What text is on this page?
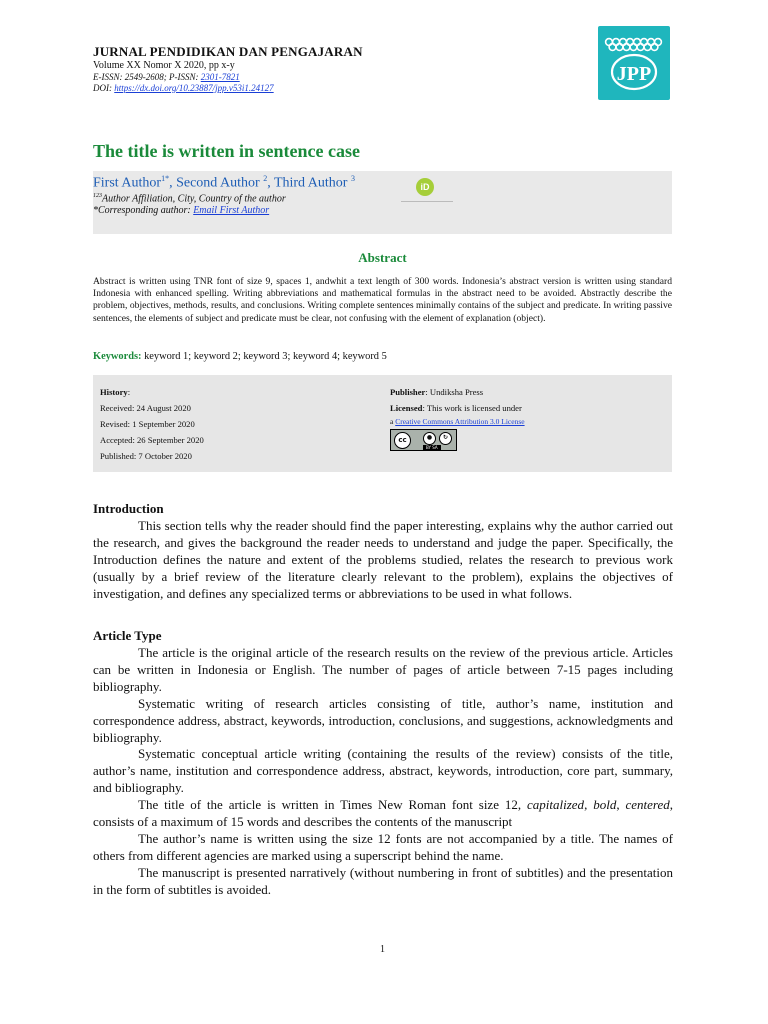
JURNAL PENDIDIKAN DAN PENGAJARAN
Volume XX Nomor X 2020, pp x-y
E-ISSN: 2549-2608; P-ISSN: 2301-7821
DOI: https://dx.doi.org/10.23887/jpp.v53i1.24127
JPP
The title is written in sentence case
First Author$^{1*}$, Second Author $^2$, Third Author $^3$
iD
$^{123}$Author Affiliation, City, Country of the author
*Corresponding author: Email First Author
Abstract

Abstract is written using TNR font of size 9, spaces 1, andwhit a text length of 300 words. Indonesia’s abstract version is written using standard Indonesia with enhanced spelling. Writing abbreviations and mathematical formulas in the abstract need to be avoided. Abstractly describe the problem, objectives, methods, results, and conclusions. Writing complete sentences minimally contains of the subject and predicate. In writing passive sentences, the elements of subject and predicate must be clear, not confusing with the element of explanation (object).

Keywords: keyword 1; keyword 2; keyword 3; keyword 4; keyword 5
History:
Received: 24 August 2020
Revised: 1 September 2020
Accepted: 26 September 2020
Published: 7 October 2020
Publisher: Undiksha Press
Licensed: This work is licensed under
a Creative Commons Attribution 3.0 License
cc	●	↻
BY SA
Introduction

This section tells why the reader should find the paper interesting, explains why the author carried out the research, and gives the background the reader needs to understand and judge the paper. Specifically, the Introduction defines the nature and extent of the problems studied, relates the research to previous work (usually by a brief review of the literature clearly relevant to the problem), explains the objectives of investigation, and defines any specialized terms or abbreviations to be used in what follows.

Article Type

The article is the original article of the research results on the review of the previous article. Articles can be written in Indonesia or English. The number of pages of article between 7-15 pages including bibliography.

Systematic writing of research articles consisting of title, author’s name, institution and correspondence address, abstract, keywords, introduction, conclusions, and suggestions, acknowledgments and bibliography.

Systematic conceptual article writing (containing the results of the review) consists of the title, author’s name, institution and correspondence address, abstract, keywords, introduction, core part, summary, and bibliography.

The title of the article is written in Times New Roman font size 12, capitalized, bold, centered, consists of a maximum of 15 words and describes the contents of the manuscript

The author’s name is written using the size 12 fonts are not accompanied by a title. The names of others from different agencies are marked using a superscript behind the name.

The manuscript is presented narratively (without numbering in front of subtitles) and the presentation in the form of subtitles is avoided.

1
